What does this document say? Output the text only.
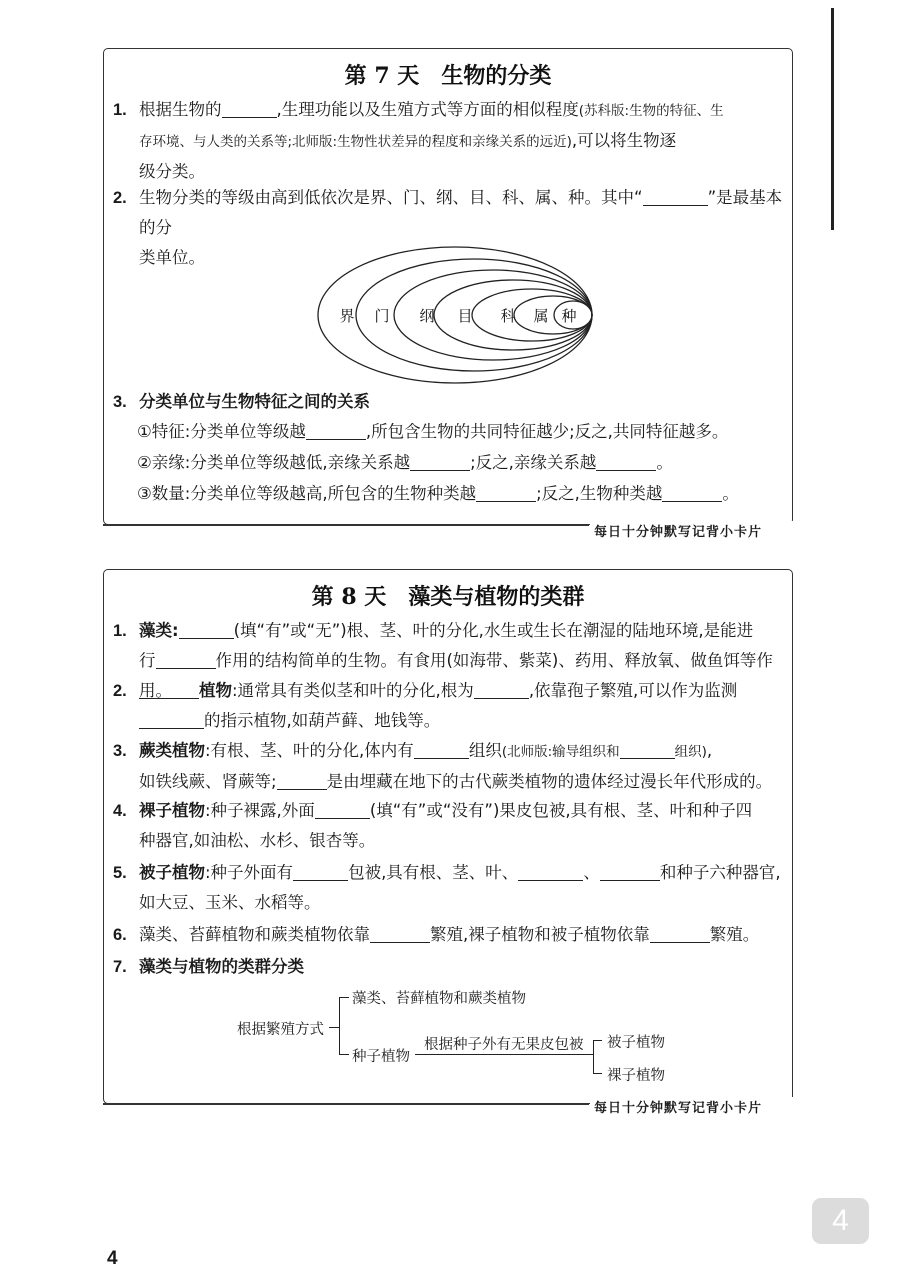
第 7 天 生物的分类
1. 根据生物的	,生理功能以及生殖方式等方面的相似程度(苏科版:生物的特征、生
存环境、与人类的关系等;北师版:生物性状差异的程度和亲缘关系的远近),可以将生物逐
级分类。
2. 生物分类的等级由高到低依次是界、门、纲、目、科、属、种。其中“	”是最基本的分
类单位。
界 门 纲 目 科 属 种
3. 分类单位与生物特征之间的关系
①特征:分类单位等级越	,所包含生物的共同特征越少;反之,共同特征越多。
②亲缘:分类单位等级越低,亲缘关系越	;反之,亲缘关系越	。
③数量:分类单位等级越高,所包含的生物种类越	;反之,生物种类越	。
每日十分钟默写记背小卡片
第 8 天 藻类与植物的类群
1. 藻类:	(填“有”或“无”)根、茎、叶的分化,水生或生长在潮湿的陆地环境,是能进
行	作用的结构简单的生物。有食用(如海带、紫菜)、药用、释放氧、做鱼饵等作用。
2.	植物:通常具有类似茎和叶的分化,根为	,依靠孢子繁殖,可以作为监测
的指示植物,如葫芦藓、地钱等。
3. 蕨类植物:有根、茎、叶的分化,体内有	组织(北师版:输导组织和	组织),
如铁线蕨、肾蕨等;	是由埋藏在地下的古代蕨类植物的遗体经过漫长年代形成的。
4. 裸子植物:种子裸露,外面	(填“有”或“没有”)果皮包被,具有根、茎、叶和种子四
种器官,如油松、水杉、银杏等。
5. 被子植物:种子外面有	包被,具有根、茎、叶、	、	和种子六种器官,
如大豆、玉米、水稻等。
6. 藻类、苔藓植物和蕨类植物依靠	繁殖,裸子植物和被子植物依靠	繁殖。
7. 藻类与植物的类群分类
根据繁殖方式
藻类、苔藓植物和蕨类植物
种子植物
根据种子外有无果皮包被 被子植物
裸子植物
每日十分钟默写记背小卡片
4
4
